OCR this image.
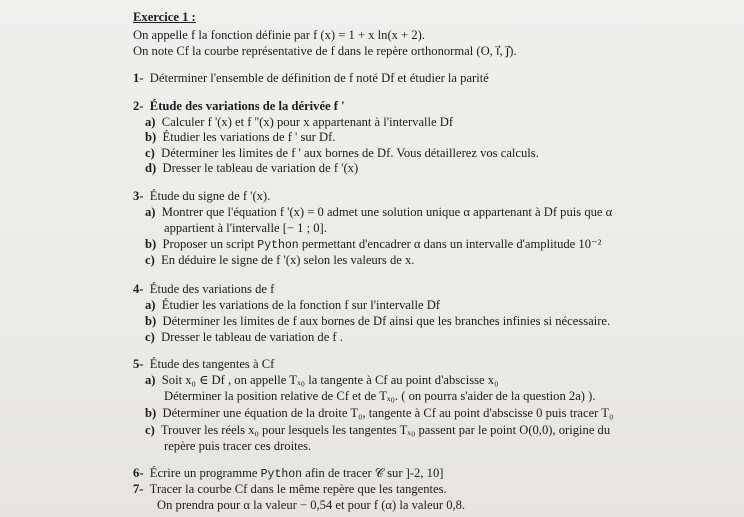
Exercice 1 :
On appelle f la fonction définie par f (x) = 1 + x ln(x + 2).
On note Cf la courbe représentative de f dans le repère orthonormal (O, i⃗, j⃗).
1- Déterminer l'ensemble de définition de f noté Df et étudier la parité
2- Étude des variations de la dérivée f '
a) Calculer f '(x) et f ''(x) pour x appartenant à l'intervalle Df
b) Étudier les variations de f ' sur Df.
c) Déterminer les limites de f ' aux bornes de Df. Vous détaillerez vos calculs.
d) Dresser le tableau de variation de f '(x)
3- Étude du signe de f '(x).
a) Montrer que l'équation f '(x) = 0 admet une solution unique α appartenant à Df puis que α
appartient à l'intervalle [− 1 ; 0].
b) Proposer un script Python permettant d'encadrer α dans un intervalle d'amplitude 10⁻²
c) En déduire le signe de f '(x) selon les valeurs de x.
4- Étude des variations de f
a) Étudier les variations de la fonction f sur l'intervalle Df
b) Déterminer les limites de f aux bornes de Df ainsi que les branches infinies si nécessaire.
c) Dresser le tableau de variation de f .
5- Étude des tangentes à Cf
a) Soit x₀ ∈ Df , on appelle Tₓ₀ la tangente à Cf au point d'abscisse x₀
Déterminer la position relative de Cf et de Tₓ₀. ( on pourra s'aider de la question 2a) ).
b) Déterminer une équation de la droite T₀, tangente à Cf au point d'abscisse 0 puis tracer T₀
c) Trouver les réels x₀ pour lesquels les tangentes Tₓ₀ passent par le point O(0,0), origine du
repère puis tracer ces droites.
6- Écrire un programme Python afin de tracer 𝒞 sur ]-2, 10]
7- Tracer la courbe Cf dans le même repère que les tangentes.
On prendra pour α la valeur − 0,54 et pour f (α) la valeur 0,8.
